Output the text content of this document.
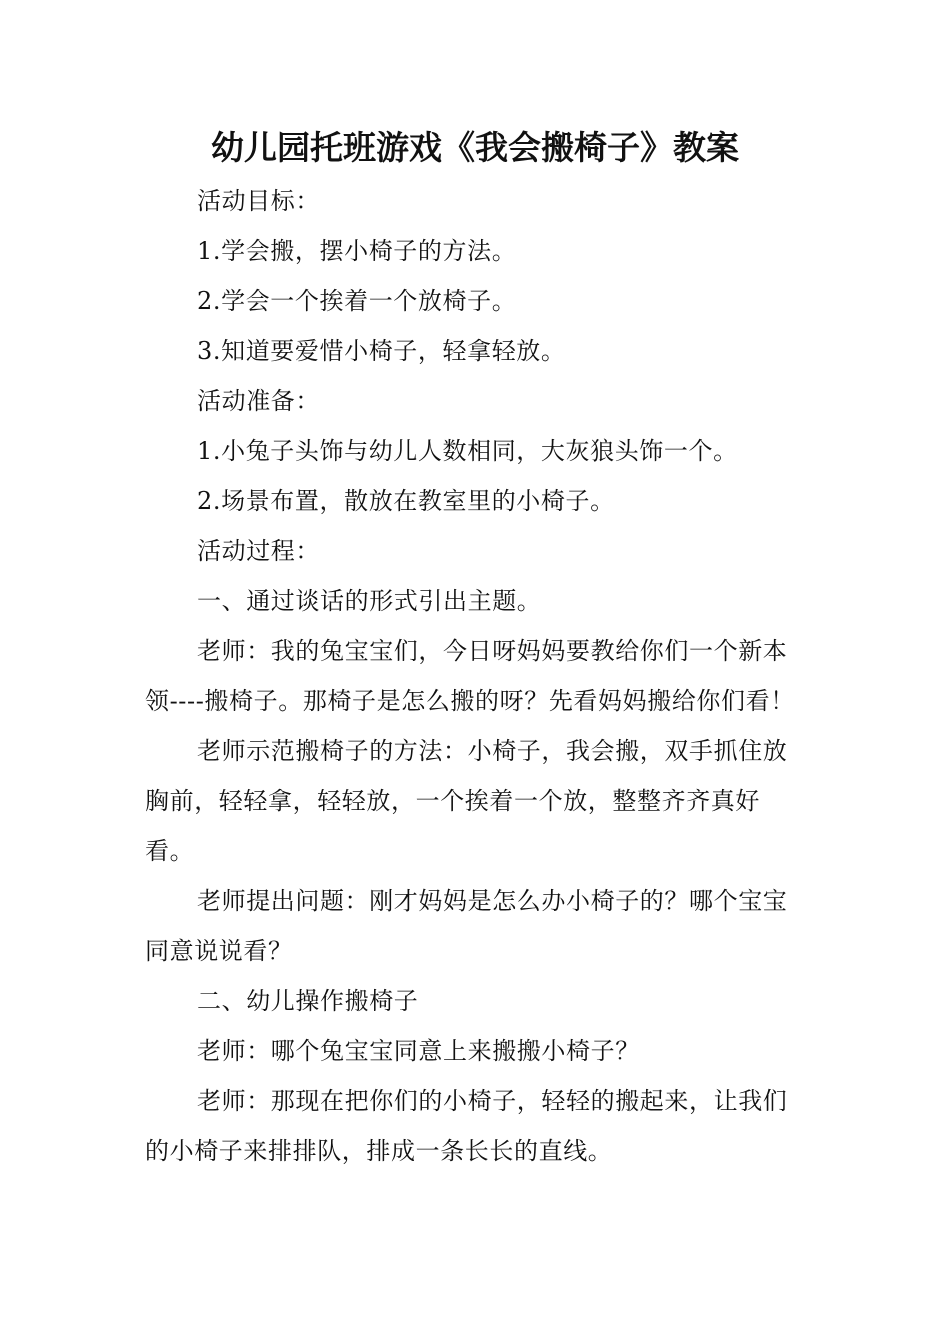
幼儿园托班游戏《我会搬椅子》教案

活动目标：

1.学会搬，摆小椅子的方法。

2.学会一个挨着一个放椅子。

3.知道要爱惜小椅子，轻拿轻放。

活动准备：

1.小兔子头饰与幼儿人数相同，大灰狼头饰一个。

2.场景布置，散放在教室里的小椅子。

活动过程：

一、通过谈话的形式引出主题。

老师：我的兔宝宝们，今日呀妈妈要教给你们一个新本领----搬椅子。那椅子是怎么搬的呀？先看妈妈搬给你们看！

老师示范搬椅子的方法：小椅子，我会搬，双手抓住放胸前，轻轻拿，轻轻放，一个挨着一个放，整整齐齐真好看。

老师提出问题：刚才妈妈是怎么办小椅子的？哪个宝宝同意说说看？

二、幼儿操作搬椅子

老师：哪个兔宝宝同意上来搬搬小椅子？

老师：那现在把你们的小椅子，轻轻的搬起来，让我们的小椅子来排排队，排成一条长长的直线。
